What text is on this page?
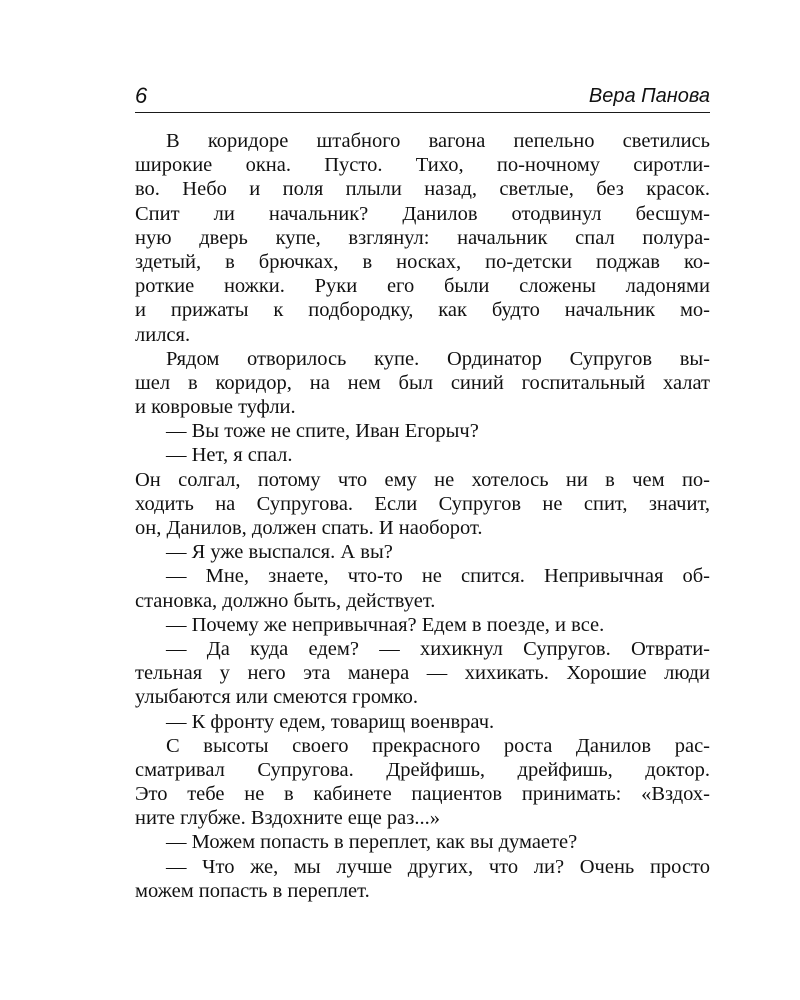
6	Вера Панова
В коридоре штабного вагона пепельно светились
широкие окна. Пусто. Тихо, по-ночному сиротли-
во. Небо и поля плыли назад, светлые, без красок.
Спит ли начальник? Данилов отодвинул бесшум-
ную дверь купе, взглянул: начальник спал полура-
здетый, в брючках, в носках, по-детски поджав ко-
роткие ножки. Руки его были сложены ладонями
и прижаты к подбородку, как будто начальник мо-
лился.
Рядом отворилось купе. Ординатор Супругов вы-
шел в коридор, на нем был синий госпитальный халат
и ковровые туфли.
— Вы тоже не спите, Иван Егорыч?
— Нет, я спал.
Он солгал, потому что ему не хотелось ни в чем по-
ходить на Супругова. Если Супругов не спит, значит,
он, Данилов, должен спать. И наоборот.
— Я уже выспался. А вы?
— Мне, знаете, что-то не спится. Непривычная об-
становка, должно быть, действует.
— Почему же непривычная? Едем в поезде, и все.
— Да куда едем? — хихикнул Супругов. Отврати-
тельная у него эта манера — хихикать. Хорошие люди
улыбаются или смеются громко.
— К фронту едем, товарищ военврач.
С высоты своего прекрасного роста Данилов рас-
сматривал Супругова. Дрейфишь, дрейфишь, доктор.
Это тебе не в кабинете пациентов принимать: «Вздох-
ните глубже. Вздохните еще раз...»
— Можем попасть в переплет, как вы думаете?
— Что же, мы лучше других, что ли? Очень просто
можем попасть в переплет.
